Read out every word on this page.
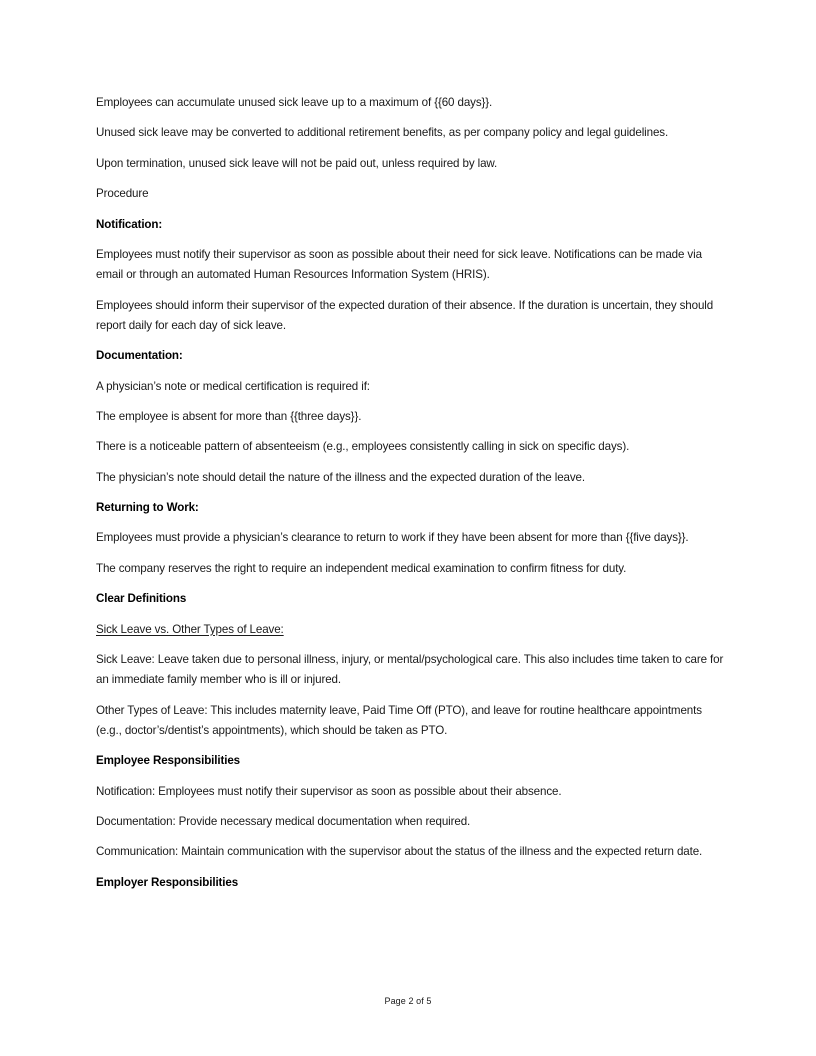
Employees can accumulate unused sick leave up to a maximum of {{60 days}}.

Unused sick leave may be converted to additional retirement benefits, as per company policy and legal guidelines.

Upon termination, unused sick leave will not be paid out, unless required by law.

Procedure

Notification:

Employees must notify their supervisor as soon as possible about their need for sick leave. Notifications can be made via email or through an automated Human Resources Information System (HRIS).

Employees should inform their supervisor of the expected duration of their absence. If the duration is uncertain, they should report daily for each day of sick leave.

Documentation:

A physician’s note or medical certification is required if:

The employee is absent for more than {{three days}}.

There is a noticeable pattern of absenteeism (e.g., employees consistently calling in sick on specific days).

The physician’s note should detail the nature of the illness and the expected duration of the leave.

Returning to Work:

Employees must provide a physician’s clearance to return to work if they have been absent for more than {{five days}}.

The company reserves the right to require an independent medical examination to confirm fitness for duty.

Clear Definitions

Sick Leave vs. Other Types of Leave:

Sick Leave: Leave taken due to personal illness, injury, or mental/psychological care. This also includes time taken to care for an immediate family member who is ill or injured.

Other Types of Leave: This includes maternity leave, Paid Time Off (PTO), and leave for routine healthcare appointments (e.g., doctor’s/dentist’s appointments), which should be taken as PTO.

Employee Responsibilities

Notification: Employees must notify their supervisor as soon as possible about their absence.

Documentation: Provide necessary medical documentation when required.

Communication: Maintain communication with the supervisor about the status of the illness and the expected return date.

Employer Responsibilities

Page 2 of 5
